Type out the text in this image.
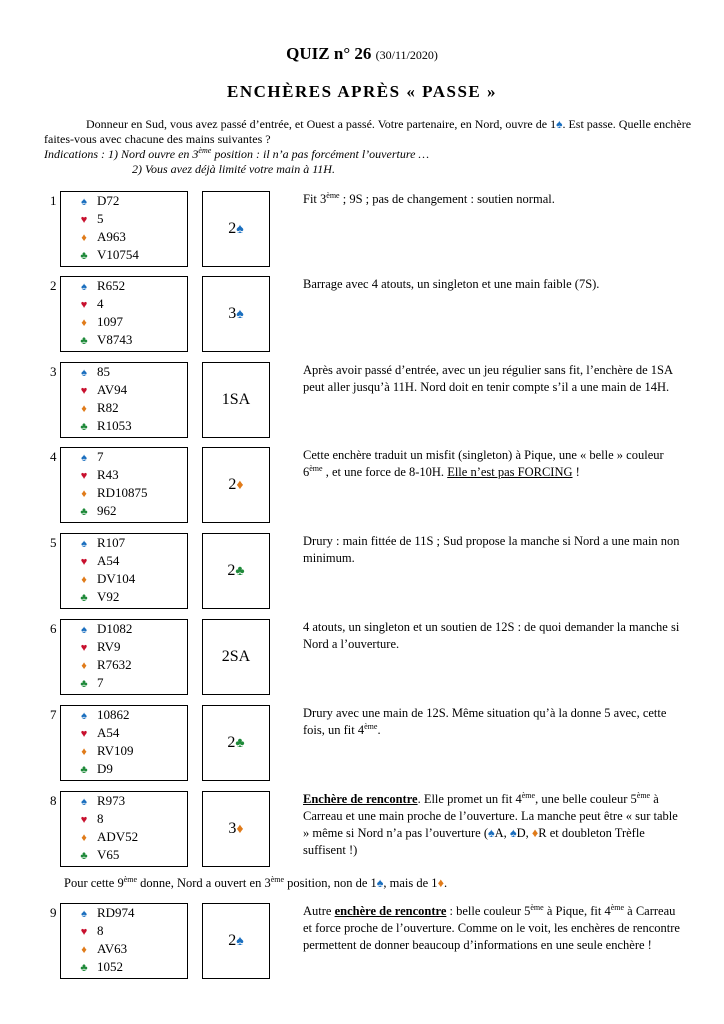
QUIZ n° 26 (30/11/2020)
ENCHÈRES APRÈS « PASSE »

Donneur en Sud, vous avez passé d’entrée, et Ouest a passé. Votre partenaire, en Nord, ouvre de 1♠. Est passe. Quelle enchère faites-vous avec chacune des mains suivantes ?

Indications : 1) Nord ouvre en 3ème position : il n’a pas forcément l’ouverture …

2) Vous avez déjà limité votre main à 11H.

1	♠ D72
♥ 5
♦ A963
♣ V10754
2♠
Fit 3ème ; 9S ; pas de changement : soutien normal.
2	♠ R652
♥ 4
♦ 1097
♣ V8743
3♠
Barrage avec 4 atouts, un singleton et une main faible (7S).
3	♠ 85
♥ AV94
♦ R82
♣ R1053
1SA
Après avoir passé d’entrée, avec un jeu régulier sans fit, l’enchère de 1SA peut aller jusqu’à 11H. Nord doit en tenir compte s’il a une main de 14H.
4	♠ 7
♥ R43
♦ RD10875
♣ 962
2♦
Cette enchère traduit un misfit (singleton) à Pique, une « belle » couleur 6ème , et une force de 8-10H. Elle n’est pas FORCING !
5	♠ R107
♥ A54
♦ DV104
♣ V92
2♣
Drury : main fittée de 11S ; Sud propose la manche si Nord a une main non minimum.
6	♠ D1082
♥ RV9
♦ R7632
♣ 7
2SA
4 atouts, un singleton et un soutien de 12S : de quoi demander la manche si Nord a l’ouverture.
7	♠ 10862
♥ A54
♦ RV109
♣ D9
2♣
Drury avec une main de 12S. Même situation qu’à la donne 5 avec, cette fois, un fit 4ème.
8	♠ R973
♥ 8
♦ ADV52
♣ V65
3♦
Enchère de rencontre. Elle promet un fit 4ème, une belle couleur 5ème à Carreau et une main proche de l’ouverture. La manche peut être « sur table » même si Nord n’a pas l’ouverture (♠A, ♠D, ♦R et doubleton Trèfle suffisent !)
Pour cette 9ème donne, Nord a ouvert en 3ème position, non de 1♠, mais de 1♦.
9	♠ RD974
♥ 8
♦ AV63
♣ 1052
2♠
Autre enchère de rencontre : belle couleur 5ème à Pique, fit 4ème à Carreau et force proche de l’ouverture. Comme on le voit, les enchères de rencontre permettent de donner beaucoup d’informations en une seule enchère !
